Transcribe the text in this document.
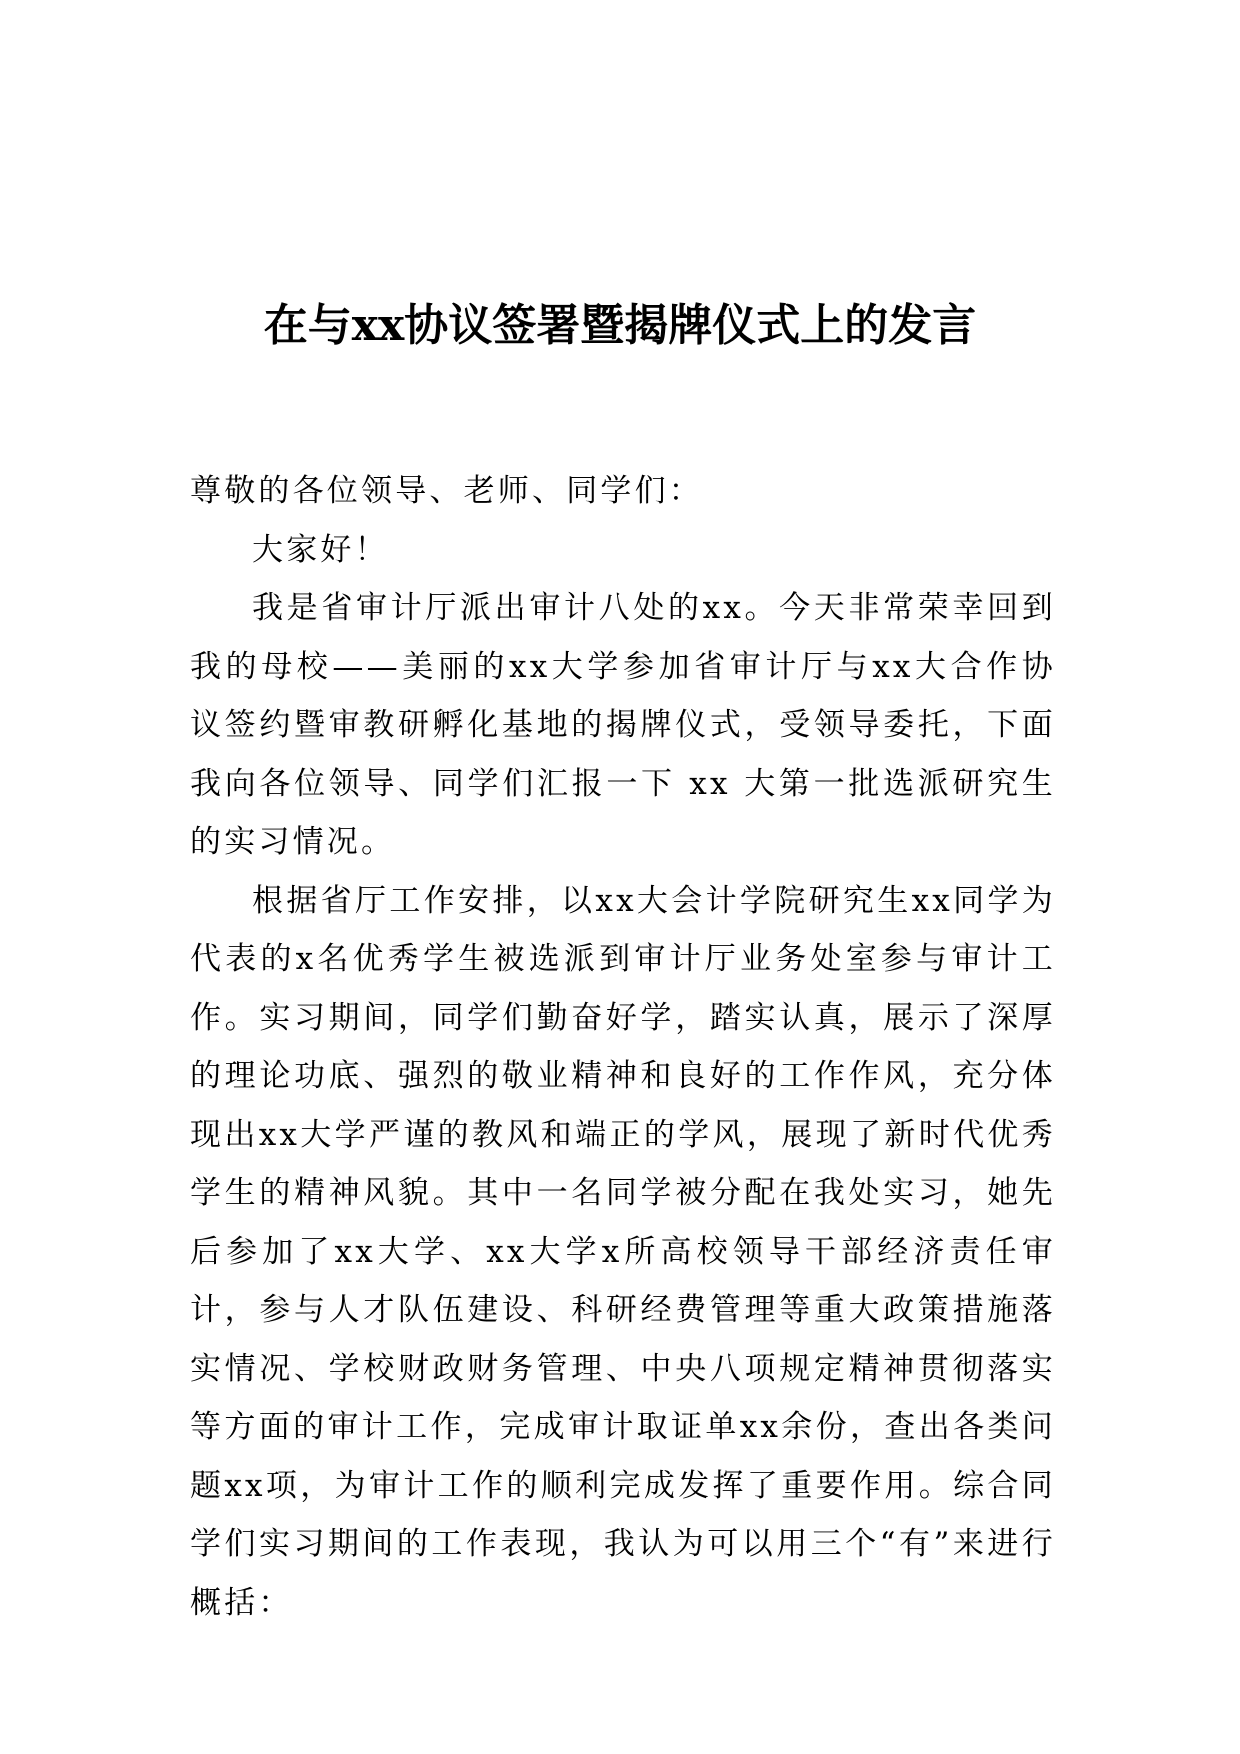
在与xx协议签署暨揭牌仪式上的发言

尊敬的各位领导、老师、同学们：

大家好！

我是省审计厅派出审计八处的xx。今天非常荣幸回到我的母校——美丽的xx大学参加省审计厅与xx大合作协议签约暨审教研孵化基地的揭牌仪式，受领导委托，下面我向各位领导、同学们汇报一下 xx 大第一批选派研究生的实习情况。

根据省厅工作安排，以xx大会计学院研究生xx同学为代表的x名优秀学生被选派到审计厅业务处室参与审计工作。实习期间，同学们勤奋好学，踏实认真，展示了深厚的理论功底、强烈的敬业精神和良好的工作作风，充分体现出xx大学严谨的教风和端正的学风，展现了新时代优秀学生的精神风貌。其中一名同学被分配在我处实习，她先后参加了xx大学、xx大学x所高校领导干部经济责任审计，参与人才队伍建设、科研经费管理等重大政策措施落实情况、学校财政财务管理、中央八项规定精神贯彻落实等方面的审计工作，完成审计取证单xx余份，查出各类问题xx项，为审计工作的顺利完成发挥了重要作用。综合同学们实习期间的工作表现，我认为可以用三个“有”来进行概括：
